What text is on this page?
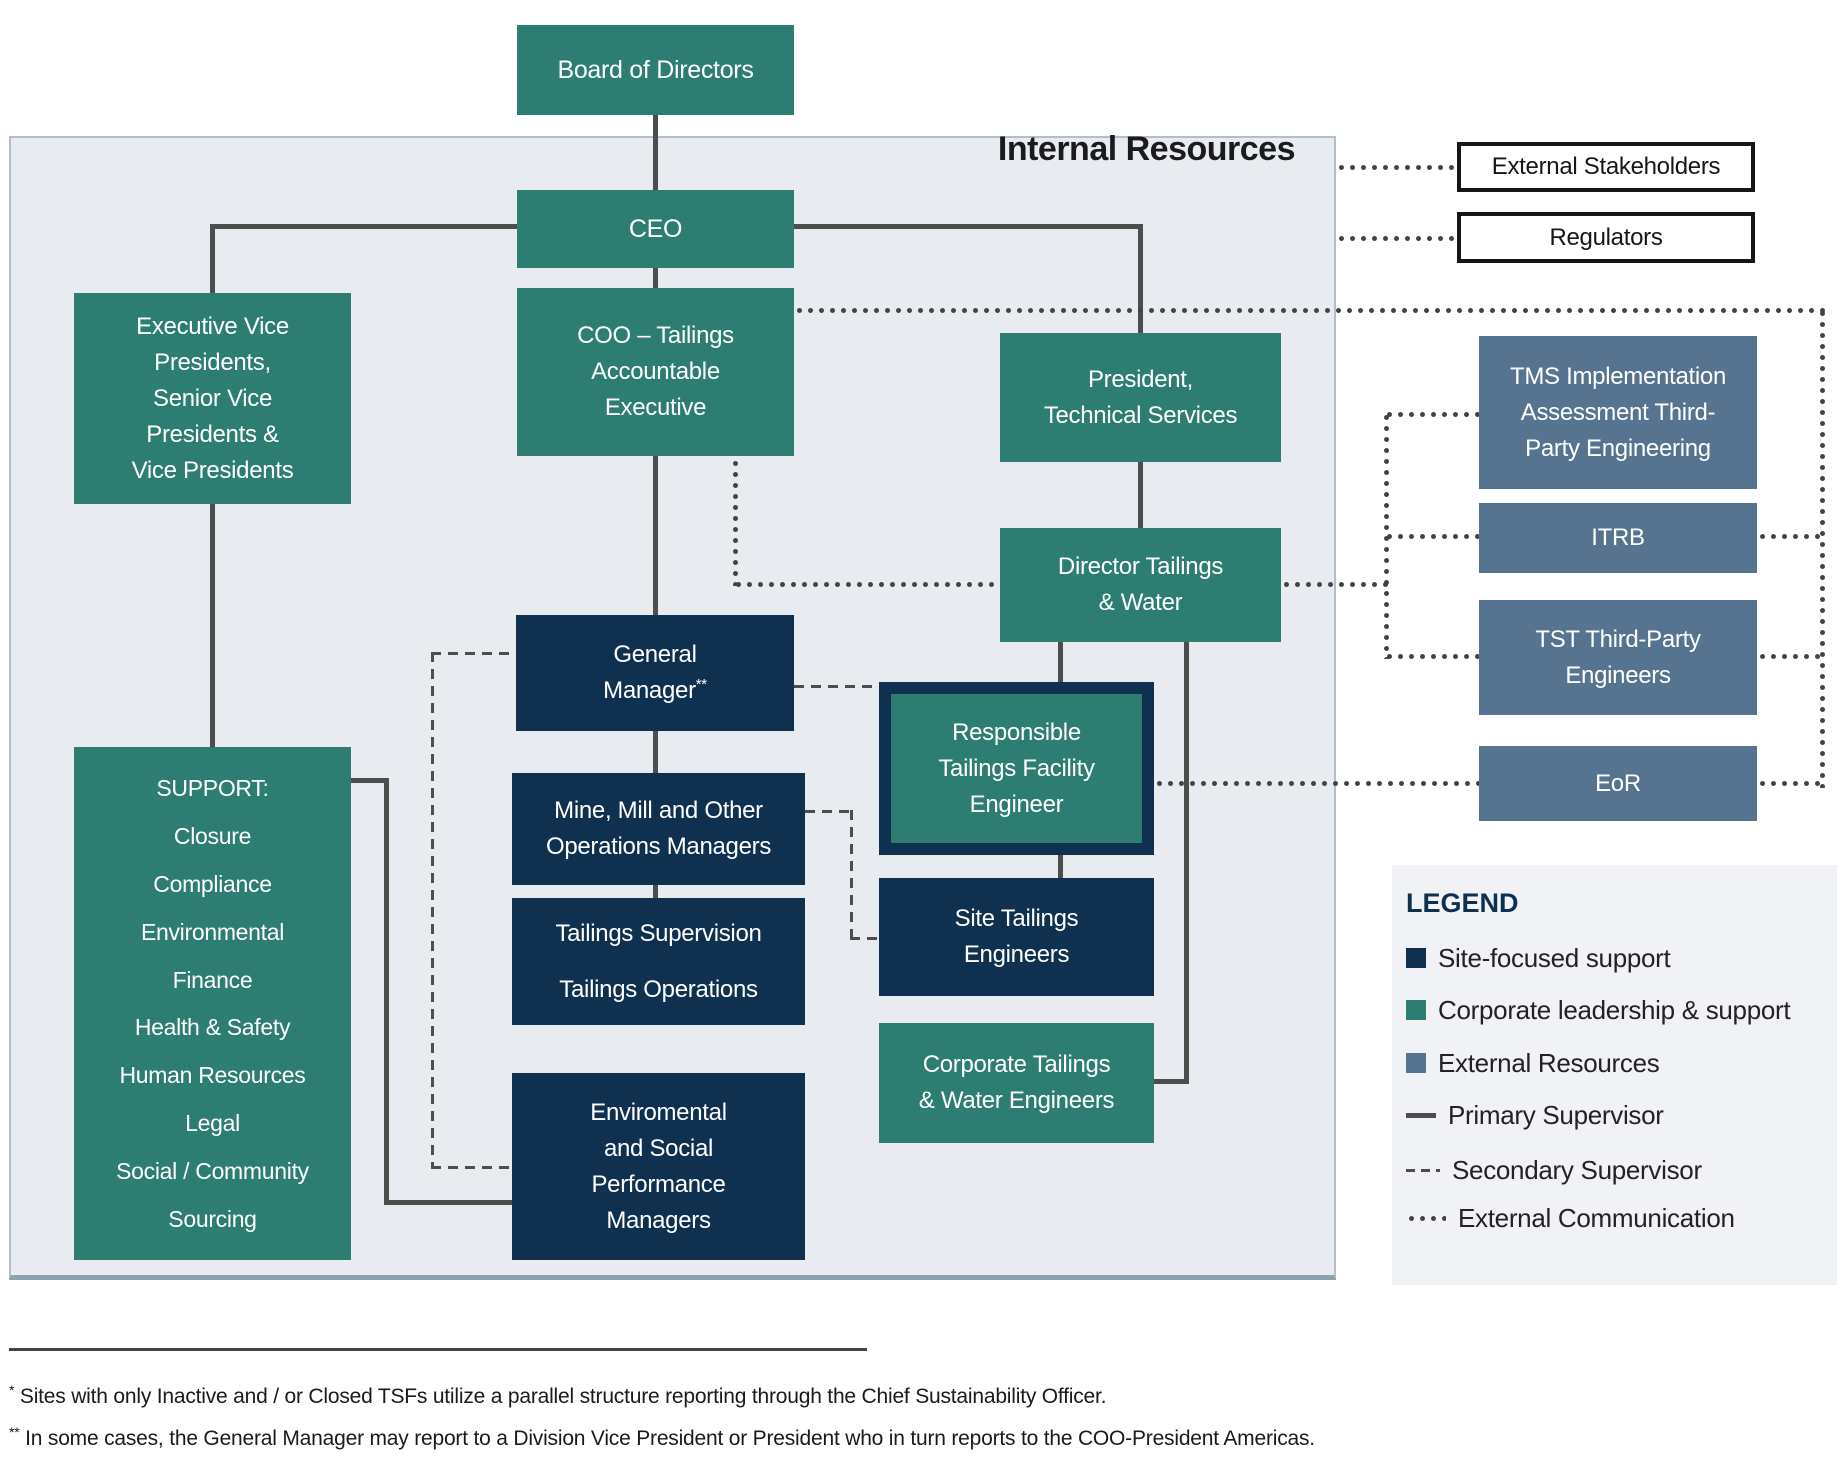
Internal Resources
Board of Directors
CEO
Executive Vice
Presidents,
Senior Vice
Presidents &
Vice Presidents
COO – Tailings
Accountable
Executive
President,
Technical Services
Director Tailings
& Water
General
Manager**
Mine, Mill and Other
Operations Managers
Tailings Supervision
Tailings Operations
Enviromental
and Social
Performance
Managers
SUPPORT:
Closure
Compliance
Environmental
Finance
Health & Safety
Human Resources
Legal
Social / Community
Sourcing
Responsible
Tailings Facility
Engineer
Site Tailings
Engineers
Corporate Tailings
& Water Engineers
External Stakeholders
Regulators
TMS Implementation
Assessment Third-
Party Engineering
ITRB
TST Third-Party
Engineers
EoR
LEGEND
Site-focused support
Corporate leadership & support
External Resources
Primary Supervisor
Secondary Supervisor
External Communication
* Sites with only Inactive and / or Closed TSFs utilize a parallel structure reporting through the Chief Sustainability Officer.
** In some cases, the General Manager may report to a Division Vice President or President who in turn reports to the COO-President Americas.
